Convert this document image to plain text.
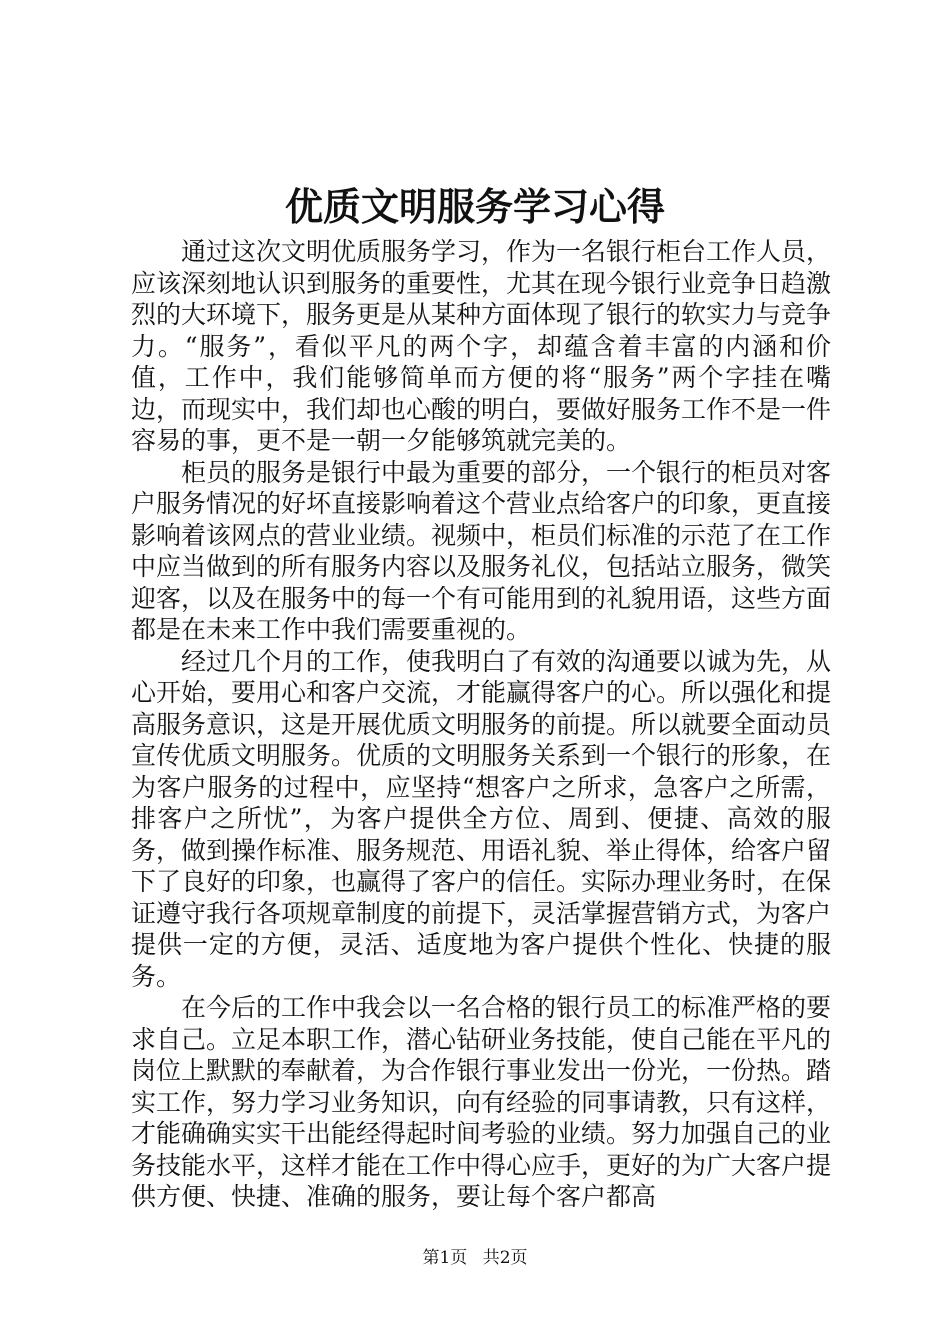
优质文明服务学习心得

通过这次文明优质服务学习，作为一名银行柜台工作人员，应该深刻地认识到服务的重要性，尤其在现今银行业竞争日趋激烈的大环境下，服务更是从某种方面体现了银行的软实力与竞争力。“服务”，看似平凡的两个字，却蕴含着丰富的内涵和价值，工作中，我们能够简单而方便的将“服务”两个字挂在嘴边，而现实中，我们却也心酸的明白，要做好服务工作不是一件容易的事，更不是一朝一夕能够筑就完美的。

柜员的服务是银行中最为重要的部分，一个银行的柜员对客户服务情况的好坏直接影响着这个营业点给客户的印象，更直接影响着该网点的营业业绩。视频中，柜员们标准的示范了在工作中应当做到的所有服务内容以及服务礼仪，包括站立服务，微笑迎客，以及在服务中的每一个有可能用到的礼貌用语，这些方面都是在未来工作中我们需要重视的。

经过几个月的工作，使我明白了有效的沟通要以诚为先，从心开始，要用心和客户交流，才能赢得客户的心。所以强化和提高服务意识，这是开展优质文明服务的前提。所以就要全面动员宣传优质文明服务。优质的文明服务关系到一个银行的形象，在为客户服务的过程中，应坚持“想客户之所求，急客户之所需，排客户之所忧”，为客户提供全方位、周到、便捷、高效的服务，做到操作标准、服务规范、用语礼貌、举止得体，给客户留下了良好的印象，也赢得了客户的信任。实际办理业务时，在保证遵守我行各项规章制度的前提下，灵活掌握营销方式，为客户提供一定的方便，灵活、适度地为客户提供个性化、快捷的服务。

在今后的工作中我会以一名合格的银行员工的标准严格的要求自己。立足本职工作，潜心钻研业务技能，使自己能在平凡的岗位上默默的奉献着，为合作银行事业发出一份光，一份热。踏实工作，努力学习业务知识，向有经验的同事请教，只有这样，才能确确实实干出能经得起时间考验的业绩。努力加强自己的业务技能水平，这样才能在工作中得心应手，更好的为广大客户提供方便、快捷、准确的服务，要让每个客户都高

第1页 共2页
